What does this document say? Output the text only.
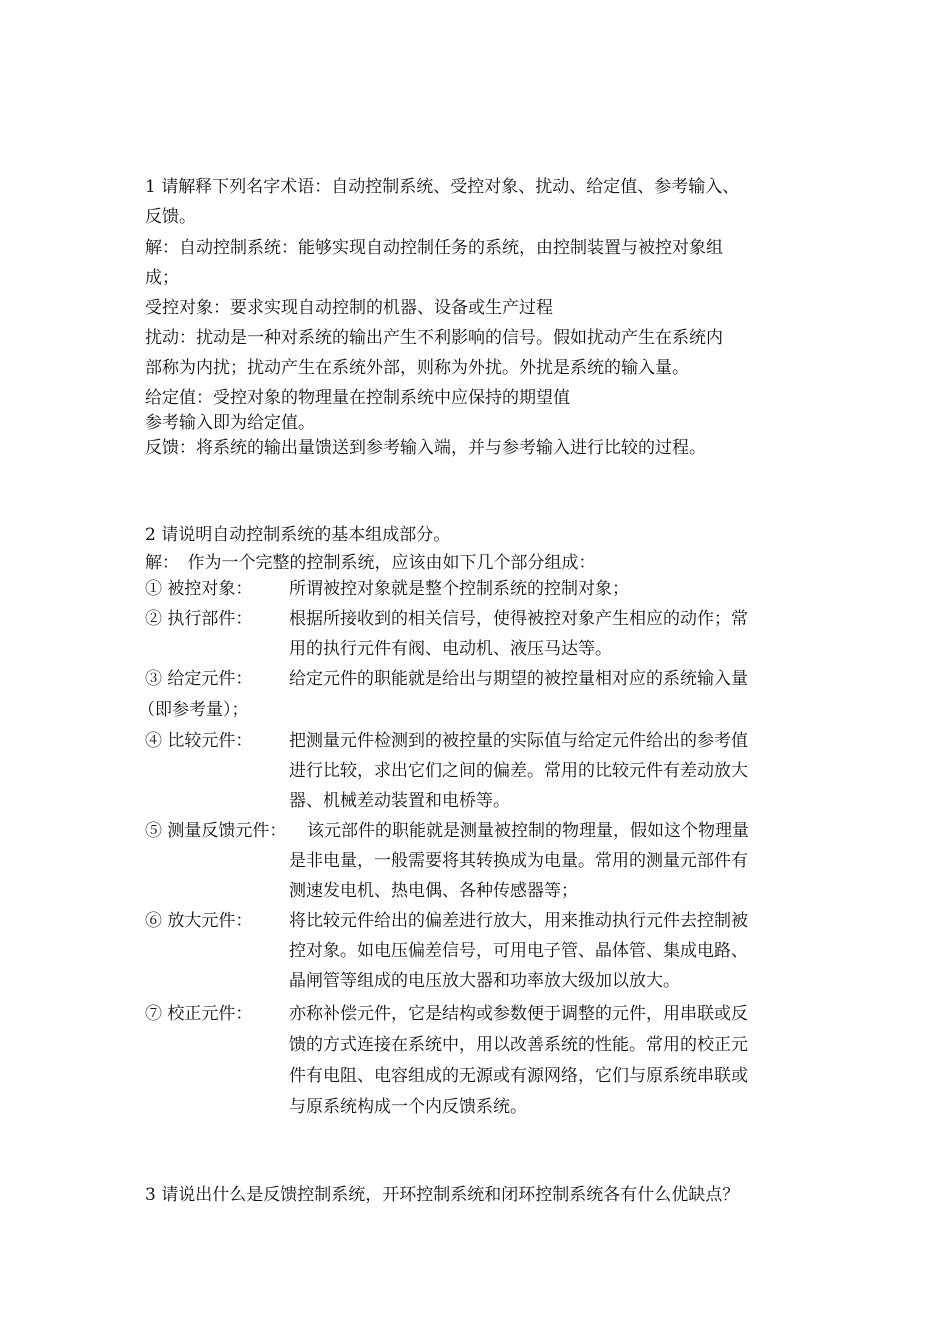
1 请解释下列名字术语：自动控制系统、受控对象、扰动、给定值、参考输入、
反馈。
解：自动控制系统：能够实现自动控制任务的系统，由控制装置与被控对象组
成；
受控对象：要求实现自动控制的机器、设备或生产过程
扰动：扰动是一种对系统的输出产生不利影响的信号。假如扰动产生在系统内
部称为内扰；扰动产生在系统外部，则称为外扰。外扰是系统的输入量。
给定值：受控对象的物理量在控制系统中应保持的期望值
参考输入即为给定值。
反馈：将系统的输出量馈送到参考输入端，并与参考输入进行比较的过程。
2 请说明自动控制系统的基本组成部分。
解：　作为一个完整的控制系统，应该由如下几个部分组成：
① 被控对象： 所谓被控对象就是整个控制系统的控制对象；
② 执行部件： 根据所接收到的相关信号，使得被控对象产生相应的动作；常
用的执行元件有阀、电动机、液压马达等。
③ 给定元件： 给定元件的职能就是给出与期望的被控量相对应的系统输入量
（即参考量）；
④ 比较元件： 把测量元件检测到的被控量的实际值与给定元件给出的参考值
进行比较，求出它们之间的偏差。常用的比较元件有差动放大
器、机械差动装置和电桥等。
⑤ 测量反馈元件： 该元部件的职能就是测量被控制的物理量，假如这个物理量
是非电量，一般需要将其转换成为电量。常用的测量元部件有
测速发电机、热电偶、各种传感器等；
⑥ 放大元件： 将比较元件给出的偏差进行放大，用来推动执行元件去控制被
控对象。如电压偏差信号，可用电子管、晶体管、集成电路、
晶闸管等组成的电压放大器和功率放大级加以放大。
⑦ 校正元件： 亦称补偿元件，它是结构或参数便于调整的元件，用串联或反
馈的方式连接在系统中，用以改善系统的性能。常用的校正元
件有电阻、电容组成的无源或有源网络，它们与原系统串联或
与原系统构成一个内反馈系统。
3 请说出什么是反馈控制系统，开环控制系统和闭环控制系统各有什么优缺点？
